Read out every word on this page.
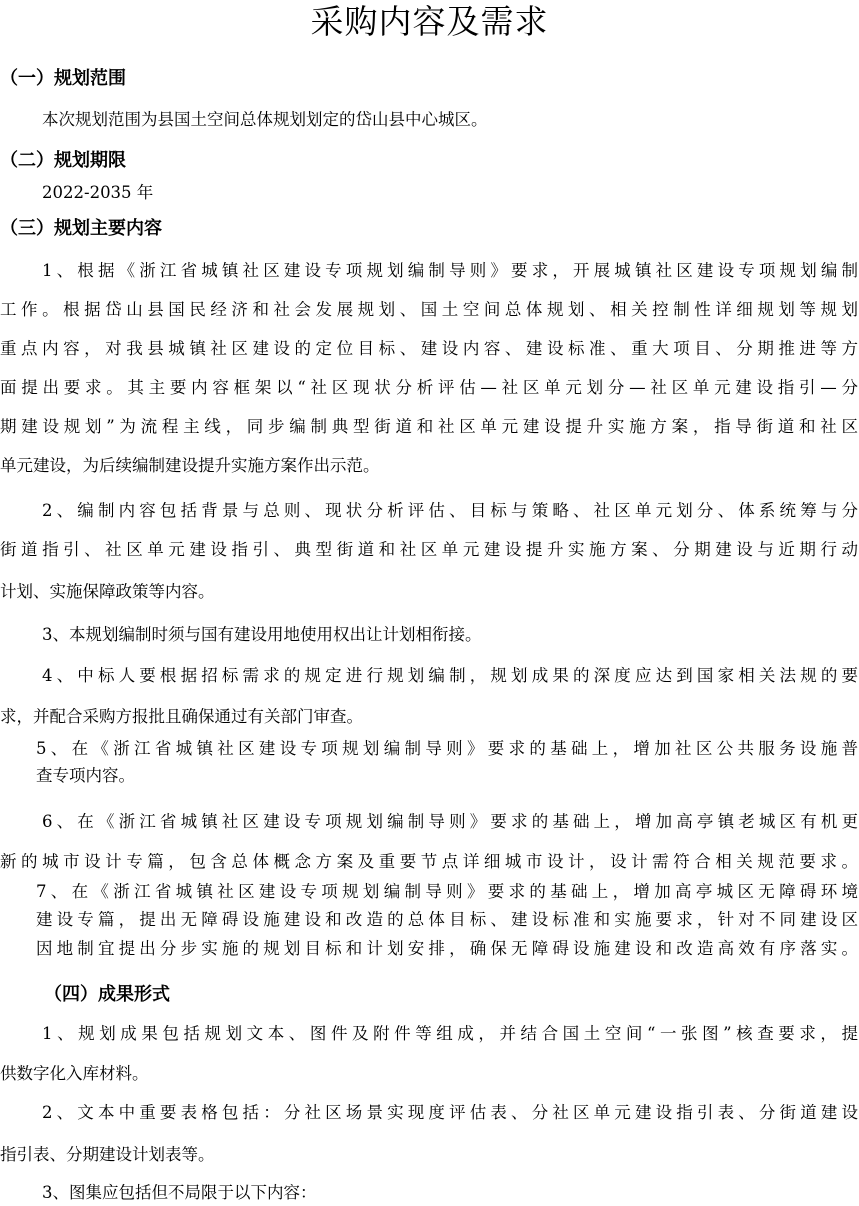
采购内容及需求
（一）规划范围
本次规划范围为县国土空间总体规划划定的岱山县中心城区。
（二）规划期限
2022-2035 年
（三）规划主要内容
1、根据《浙江省城镇社区建设专项规划编制导则》要求，开展城镇社区建设专项规划编制
工作。根据岱山县国民经济和社会发展规划、国土空间总体规划、相关控制性详细规划等规划
重点内容，对我县城镇社区建设的定位目标、建设内容、建设标准、重大项目、分期推进等方
面提出要求。其主要内容框架以“社区现状分析评估—社区单元划分—社区单元建设指引—分
期建设规划”为流程主线，同步编制典型街道和社区单元建设提升实施方案，指导街道和社区
单元建设，为后续编制建设提升实施方案作出示范。
2、编制内容包括背景与总则、现状分析评估、目标与策略、社区单元划分、体系统筹与分
街道指引、社区单元建设指引、典型街道和社区单元建设提升实施方案、分期建设与近期行动
计划、实施保障政策等内容。
3、本规划编制时须与国有建设用地使用权出让计划相衔接。
4、中标人要根据招标需求的规定进行规划编制，规划成果的深度应达到国家相关法规的要
求，并配合采购方报批且确保通过有关部门审查。
5、在《浙江省城镇社区建设专项规划编制导则》要求的基础上，增加社区公共服务设施普
查专项内容。
6、在《浙江省城镇社区建设专项规划编制导则》要求的基础上，增加高亭镇老城区有机更
新的城市设计专篇，包含总体概念方案及重要节点详细城市设计，设计需符合相关规范要求。
7、在《浙江省城镇社区建设专项规划编制导则》要求的基础上，增加高亭城区无障碍环境
建设专篇，提出无障碍设施建设和改造的总体目标、建设标准和实施要求，针对不同建设区
因地制宜提出分步实施的规划目标和计划安排，确保无障碍设施建设和改造高效有序落实。
（四）成果形式
1、规划成果包括规划文本、图件及附件等组成，并结合国土空间“一张图”核查要求，提
供数字化入库材料。
2、文本中重要表格包括：分社区场景实现度评估表、分社区单元建设指引表、分街道建设
指引表、分期建设计划表等。
3、图集应包括但不局限于以下内容：
